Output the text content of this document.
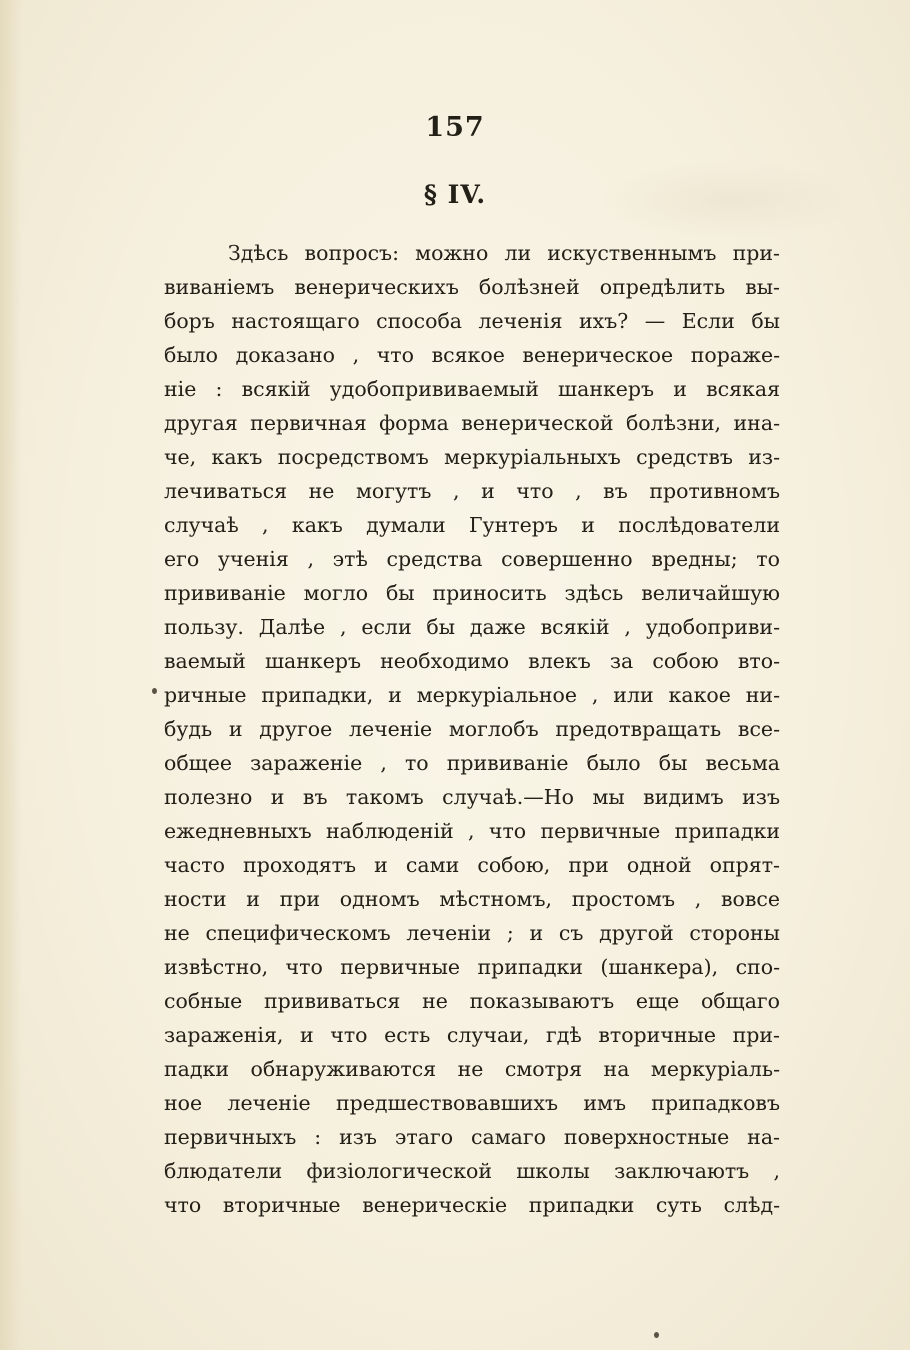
157
§ IV.
Здѣсь вопросъ: можно ли искуственнымъ при-
виваніемъ венерическихъ болѣзней опредѣлить вы-
боръ настоящаго способа леченія ихъ? — Если бы
было доказано , что всякое венерическое пораже-
ніе : всякій удобопрививаемый шанкеръ и всякая
другая первичная форма венерической болѣзни, ина-
че, какъ посредствомъ меркуріальныхъ средствъ из-
лечиваться не могутъ , и что , въ противномъ
случаѣ , какъ думали Гунтеръ и послѣдователи
его ученія , этѣ средства совершенно вредны; то
прививаніе могло бы приносить здѣсь величайшую
пользу. Далѣе , если бы даже всякій , удобоприви-
ваемый шанкеръ необходимо влекъ за собою вто-
ричные припадки, и меркуріальное , или какое ни-
будь и другое леченіе моглобъ предотвращать все-
общее зараженіе , то прививаніе было бы весьма
полезно и въ такомъ случаѣ.—Но мы видимъ изъ
ежедневныхъ наблюденій , что первичные припадки
часто проходятъ и сами собою, при одной опрят-
ности и при одномъ мѣстномъ, простомъ , вовсе
не специфическомъ леченіи ; и съ другой стороны
извѣстно, что первичные припадки (шанкера), спо-
собные прививаться не показываютъ еще общаго
зараженія, и что есть случаи, гдѣ вторичные при-
падки обнаруживаются не смотря на меркуріаль-
ное леченіе предшествовавшихъ имъ припадковъ
первичныхъ : изъ этаго самаго поверхностные на-
блюдатели физіологической школы заключаютъ ,
что вторичные венерическіе припадки суть слѣд-
